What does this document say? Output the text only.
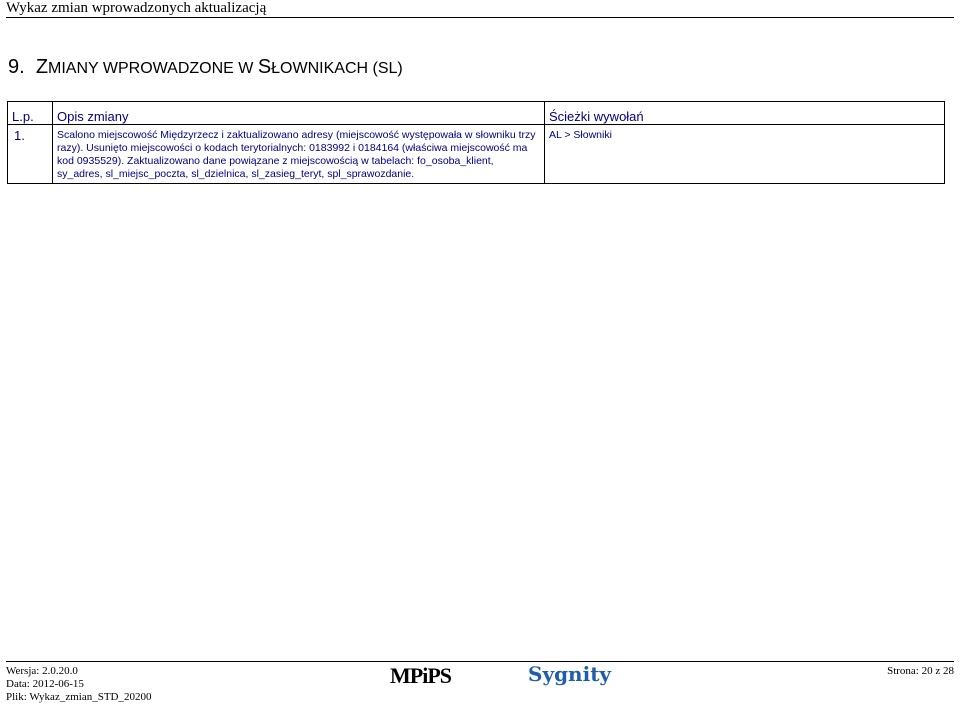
Wykaz zmian wprowadzonych aktualizacją
9. ZMIANY WPROWADZONE W SŁOWNIKACH (SL)
L.p.	Opis zmiany	Ścieżki wywołań
1.	Scalono miejscowość Międzyrzecz i zaktualizowano adresy (miejscowość występowała w słowniku trzy razy). Usunięto miejscowości o kodach terytorialnych: 0183992 i 0184164 (właściwa miejscowość ma kod 0935529). Zaktualizowano dane powiązane z miejscowością w tabelach: fo_osoba_klient, sy_adres, sl_miejsc_poczta, sl_dzielnica, sl_zasieg_teryt, spl_sprawozdanie.	AL > Słowniki
Wersja: 2.0.20.0
Data: 2012-06-15
Plik: Wykaz_zmian_STD_20200
MPiPS	Sygnity	Strona: 20 z 28
